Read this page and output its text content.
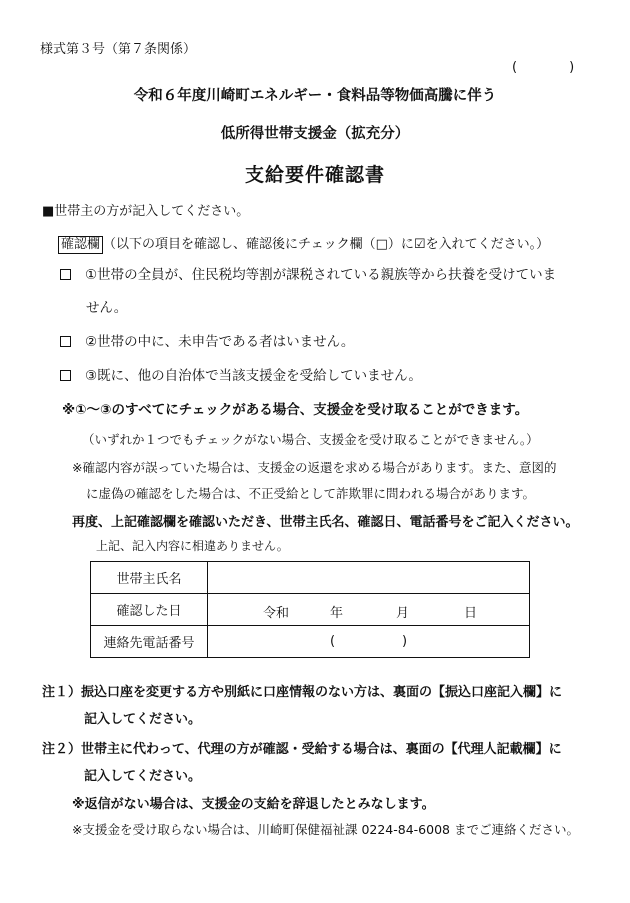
様式第３号（第７条関係）
(　　　　)
令和６年度川崎町エネルギー・食料品等物価高騰に伴う
低所得世帯支援金（拡充分）
支給要件確認書
■世帯主の方が記入してください。
確認欄 （以下の項目を確認し、確認後にチェック欄（□）に☑を入れてください。）
①世帯の全員が、住民税均等割が課税されている親族等から扶養を受けていま
せん。
②世帯の中に、未申告である者はいません。
③既に、他の自治体で当該支援金を受給していません。
※①～③のすべてにチェックがある場合、支援金を受け取ることができます。
（いずれか１つでもチェックがない場合、支援金を受け取ることができません。）
※確認内容が誤っていた場合は、支援金の返還を求める場合があります。また、意図的
に虚偽の確認をした場合は、不正受給として詐欺罪に問われる場合があります。
再度、上記確認欄を確認いただき、世帯主氏名、確認日、電話番号をご記入ください。
上記、記入内容に相違ありません。
世帯主氏名	
確認した日	令和 年 月 日

連絡先電話番号	( )
注１）振込口座を変更する方や別紙に口座情報のない方は、裏面の【振込口座記入欄】に
記入してください。
注２）世帯主に代わって、代理の方が確認・受給する場合は、裏面の【代理人記載欄】に
記入してください。
※返信がない場合は、支援金の支給を辞退したとみなします。
※支援金を受け取らない場合は、川崎町保健福祉課 0224-84-6008 までご連絡ください。
